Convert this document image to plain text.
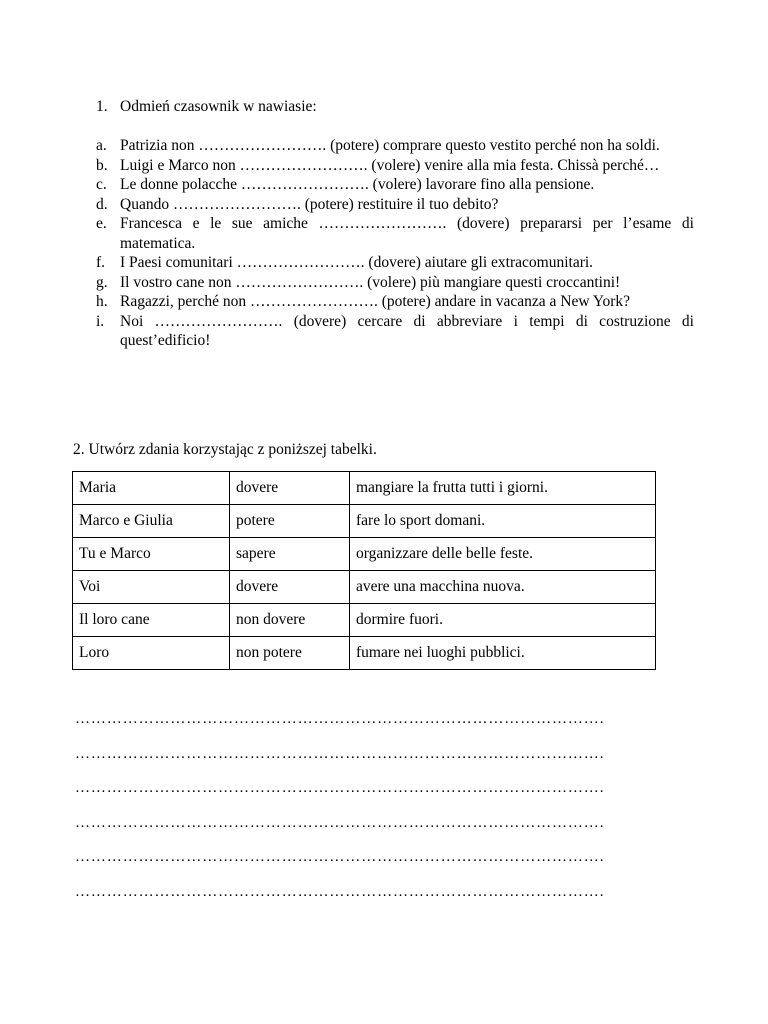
1. Odmień czasownik w nawiasie:
a. Patrizia non ……………………. (potere) comprare questo vestito perché non ha soldi.
b. Luigi e Marco non ……………………. (volere) venire alla mia festa. Chissà perché…
c. Le donne polacche ……………………. (volere) lavorare fino alla pensione.
d. Quando ……………………. (potere) restituire il tuo debito?
e. Francesca e le sue amiche ……………………. (dovere) prepararsi per l’esame di matematica.
f. I Paesi comunitari ……………………. (dovere) aiutare gli extracomunitari.
g. Il vostro cane non ……………………. (volere) più mangiare questi croccantini!
h. Ragazzi, perché non ……………………. (potere) andare in vacanza a New York?
i. Noi ……………………. (dovere) cercare di abbreviare i tempi di costruzione di quest’edificio!
2. Utwórz zdania korzystając z poniższej tabelki.
Maria	dovere	mangiare la frutta tutti i giorni.
Marco e Giulia	potere	fare lo sport domani.
Tu e Marco	sapere	organizzare delle belle feste.
Voi	dovere	avere una macchina nuova.
Il loro cane	non dovere	dormire fuori.
Loro	non potere	fumare nei luoghi pubblici.
……………………………………………………………………………………….
……………………………………………………………………………………….
……………………………………………………………………………………….
……………………………………………………………………………………….
……………………………………………………………………………………….
……………………………………………………………………………………….
